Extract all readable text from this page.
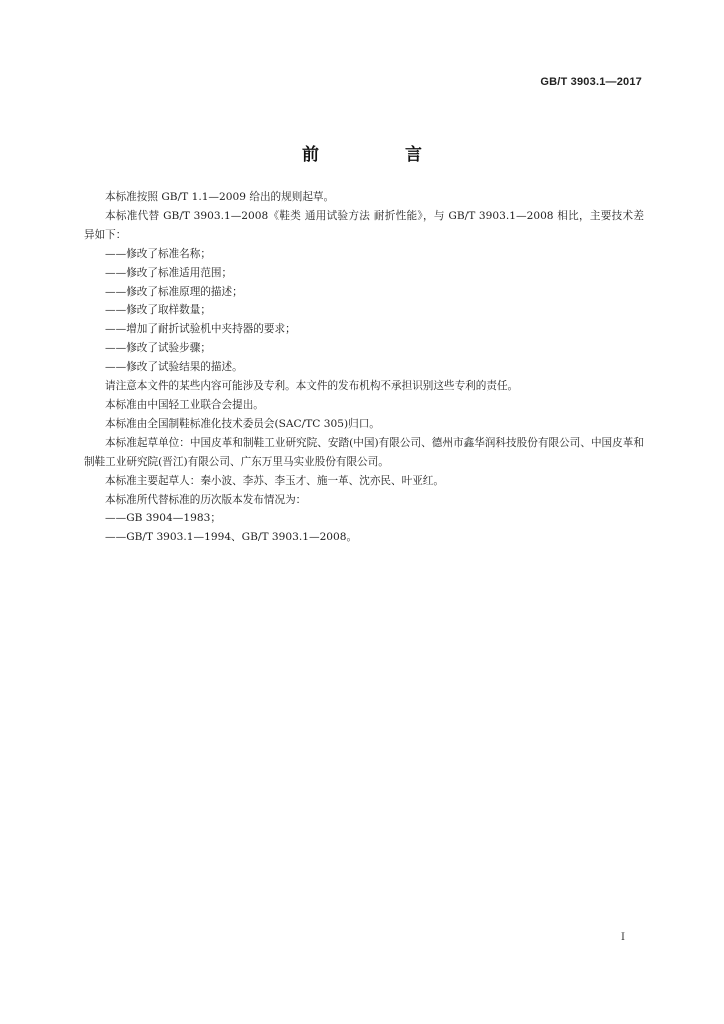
GB/T 3903.1—2017
前 言

本标准按照 GB/T 1.1—2009 给出的规则起草。

本标准代替 GB/T 3903.1—2008《鞋类 通用试验方法 耐折性能》，与 GB/T 3903.1—2008 相比，主要技术差异如下：

——修改了标准名称；
——修改了标准适用范围；
——修改了标准原理的描述；
——修改了取样数量；
——增加了耐折试验机中夹持器的要求；
——修改了试验步骤；
——修改了试验结果的描述。

请注意本文件的某些内容可能涉及专利。本文件的发布机构不承担识别这些专利的责任。

本标准由中国轻工业联合会提出。

本标准由全国制鞋标准化技术委员会(SAC/TC 305)归口。

本标准起草单位：中国皮革和制鞋工业研究院、安踏(中国)有限公司、德州市鑫华润科技股份有限公司、中国皮革和制鞋工业研究院(晋江)有限公司、广东万里马实业股份有限公司。

本标准主要起草人：秦小波、李苏、李玉才、施一革、沈亦民、叶亚红。

本标准所代替标准的历次版本发布情况为：

——GB 3904—1983；
——GB/T 3903.1—1994、GB/T 3903.1—2008。
I
